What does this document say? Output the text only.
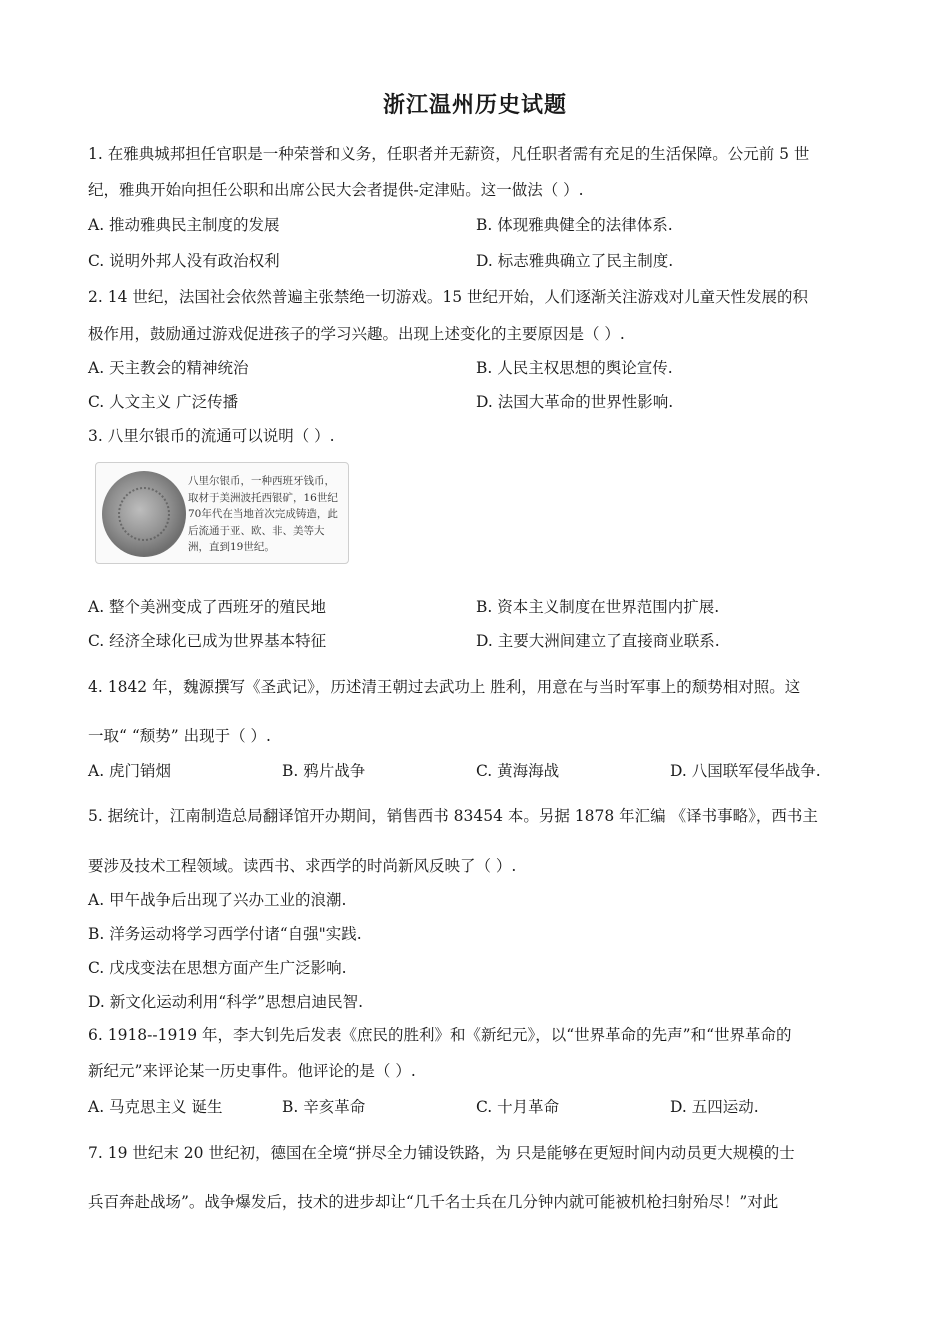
浙江温州历史试题
1. 在雅典城邦担任官职是一种荣誉和义务，任职者并无薪资，凡任职者需有充足的生活保障。公元前 5 世
纪，雅典开始向担任公职和出席公民大会者提供-定津贴。这一做法（ ）.
A. 推动雅典民主制度的发展	B. 体现雅典健全的法律体系.
C. 说明外邦人没有政治权利	D. 标志雅典确立了民主制度.
2. 14 世纪，法国社会依然普遍主张禁绝一切游戏。15 世纪开始，人们逐渐关注游戏对儿童天性发展的积
极作用，鼓励通过游戏促进孩子的学习兴趣。出现上述变化的主要原因是（ ）.
A. 天主教会的精神统治	B. 人民主权思想的舆论宣传.
C. 人文主义 广泛传播	D. 法国大革命的世界性影响.
3. 八里尔银币的流通可以说明（ ）.
八里尔银币，一种西班牙钱币，取材于美洲波托西银矿，16世纪70年代在当地首次完成铸造，此后流通于亚、欧、非、美等大洲，直到19世纪。
A. 整个美洲变成了西班牙的殖民地	B. 资本主义制度在世界范围内扩展.
C. 经济全球化已成为世界基本特征	D. 主要大洲间建立了直接商业联系.
4. 1842 年，魏源撰写《圣武记》，历述清王朝过去武功上 胜利，用意在与当时军事上的颓势相对照。这
一取“ “颓势” 出现于（ ）.
A. 虎门销烟	B. 鸦片战争	C. 黄海海战	D. 八国联军侵华战争.
5. 据统计，江南制造总局翻译馆开办期间，销售西书 83454 本。另据 1878 年汇编 《译书事略》，西书主
要涉及技术工程领域。读西书、求西学的时尚新风反映了（ ）.
A. 甲午战争后出现了兴办工业的浪潮.
B. 洋务运动将学习西学付诸“自强"实践.
C. 戊戌变法在思想方面产生广泛影响.
D. 新文化运动利用“科学”思想启迪民智.
6. 1918--1919 年，李大钊先后发表《庶民的胜利》和《新纪元》，以“世界革命的先声”和“世界革命的
新纪元”来评论某一历史事件。他评论的是（ ）.
A. 马克思主义 诞生	B. 辛亥革命	C. 十月革命	D. 五四运动.
7. 19 世纪末 20 世纪初，德国在全境“拼尽全力铺设铁路，为 只是能够在更短时间内动员更大规模的士
兵百奔赴战场”。战争爆发后，技术的进步却让“几千名士兵在几分钟内就可能被机枪扫射殆尽！”对此
